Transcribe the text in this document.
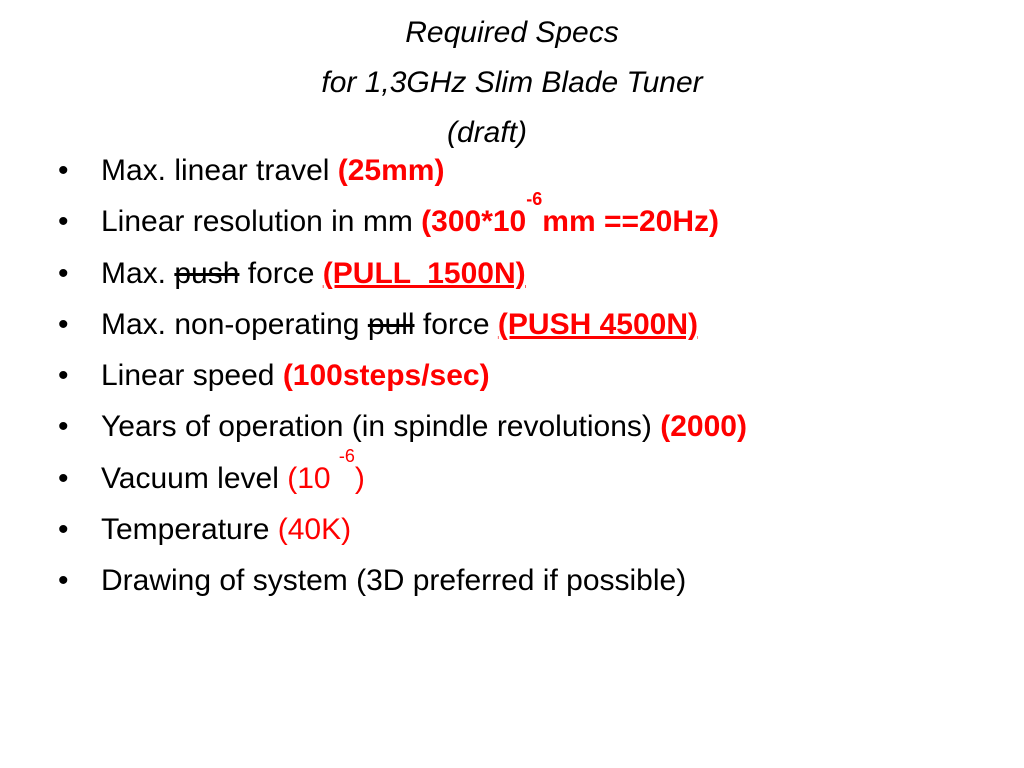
Required Specs
for 1,3GHz Slim Blade Tuner
(draft)
• Max. linear travel (25mm)
• Linear resolution in mm $(300*10^{-6}mm ==20Hz)$
• Max. push force (PULL  1500N)
• Max. non-operating pull force (PUSH 4500N)
• Linear speed (100steps/sec)
• Years of operation (in spindle revolutions) (2000)
• Vacuum level (10 $^{-6}$)
• Temperature (40K)
• Drawing of system (3D preferred if possible)
